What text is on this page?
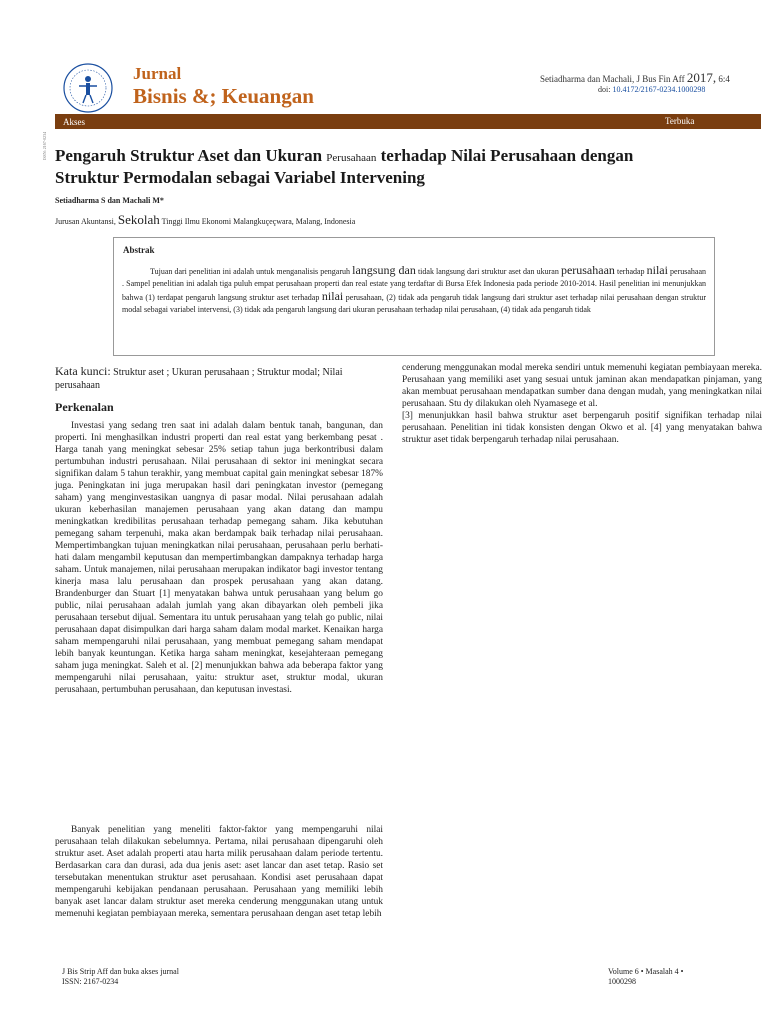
Jurnal
Bisnis &; Keuangan
Setiadharma dan Machali, J Bus Fin Aff 2017, 6:4
doi: 10.4172/2167-0234.1000298
Akses	Terbuka
ISSN: 2167-0234 Pengaruh Struktur Aset dan Ukuran Perusahaan terhadap Nilai Perusahaan dengan
Struktur Permodalan sebagai Variabel Intervening
Setiadharma S dan Machali M*
Jurusan Akuntansi, Sekolah Tinggi Ilmu Ekonomi Malangkuçeçwara, Malang, Indonesia
Abstrak
Tujuan dari penelitian ini adalah untuk menganalisis pengaruh langsung dan tidak langsung dari struktur aset dan ukuran perusahaan terhadap nilai perusahaan . Sampel penelitian ini adalah tiga puluh empat perusahaan properti dan real estate yang terdaftar di Bursa Efek Indonesia pada periode 2010-2014. Hasil penelitian ini menunjukkan bahwa (1) terdapat pengaruh langsung struktur aset terhadap nilai perusahaan, (2) tidak ada pengaruh tidak langsung dari struktur aset terhadap nilai perusahaan dengan struktur modal sebagai variabel intervensi, (3) tidak ada pengaruh langsung dari ukuran perusahaan terhadap nilai perusahaan, (4) tidak ada pengaruh tidak
Kata kunci: Struktur aset ; Ukuran perusahaan ; Struktur modal; Nilai perusahaan
Perkenalan

Investasi yang sedang tren saat ini adalah dalam bentuk tanah, bangunan, dan properti. Ini menghasilkan industri properti dan real estat yang berkembang pesat . Harga tanah yang meningkat sebesar 25% setiap tahun juga berkontribusi dalam pertumbuhan industri perusahaan. Nilai perusahaan di sektor ini meningkat secara signifikan dalam 5 tahun terakhir, yang membuat capital gain meningkat sebesar 187% juga. Peningkatan ini juga merupakan hasil dari peningkatan investor (pemegang saham) yang menginvestasikan uangnya di pasar modal. Nilai perusahaan adalah ukuran keberhasilan manajemen perusahaan yang akan datang dan mampu meningkatkan kredibilitas perusahaan terhadap pemegang saham. Jika kebutuhan pemegang saham terpenuhi, maka akan berdampak baik terhadap nilai perusahaan. Mempertimbangkan tujuan meningkatkan nilai perusahaan, perusahaan perlu berhati-hati dalam mengambil keputusan dan mempertimbangkan dampaknya terhadap harga saham. Untuk manajemen, nilai perusahaan merupakan indikator bagi investor tentang kinerja masa lalu perusahaan dan prospek perusahaan yang akan datang. Brandenburger dan Stuart [1] menyatakan bahwa untuk perusahaan yang belum go public, nilai perusahaan adalah jumlah yang akan dibayarkan oleh pembeli jika perusahaan tersebut dijual. Sementara itu untuk perusahaan yang telah go public, nilai perusahaan dapat disimpulkan dari harga saham dalam modal market. Kenaikan harga saham mempengaruhi nilai perusahaan, yang membuat pemegang saham mendapat lebih banyak keuntungan. Ketika harga saham meningkat, kesejahteraan pemegang saham juga meningkat. Saleh et al. [2] menunjukkan bahwa ada beberapa faktor yang mempengaruhi nilai perusahaan, yaitu: struktur aset, struktur modal, ukuran perusahaan, pertumbuhan perusahaan, dan keputusan investasi.

Banyak penelitian yang meneliti faktor-faktor yang mempengaruhi nilai perusahaan telah dilakukan sebelumnya. Pertama, nilai perusahaan dipengaruhi oleh struktur aset. Aset adalah properti atau harta milik perusahaan dalam periode tertentu. Berdasarkan cara dan durasi, ada dua jenis aset: aset lancar dan aset tetap. Rasio set tersebutakan menentukan struktur aset perusahaan. Kondisi aset perusahaan dapat mempengaruhi kebijakan pendanaan perusahaan. Perusahaan yang memiliki lebih banyak aset lancar dalam struktur aset mereka cenderung menggunakan utang untuk memenuhi kegiatan pembiayaan mereka, sementara perusahaan dengan aset tetap lebih

cenderung menggunakan modal mereka sendiri untuk memenuhi kegiatan pembiayaan mereka. Perusahaan yang memiliki aset yang sesuai untuk jaminan akan mendapatkan pinjaman, yang akan membuat perusahaan mendapatkan sumber dana dengan mudah, yang meningkatkan nilai perusahaan. Stu dy dilakukan oleh Nyamasege et al.

[3] menunjukkan hasil bahwa struktur aset berpengaruh positif signifikan terhadap nilai perusahaan. Penelitian ini tidak konsisten dengan Okwo et al. [4] yang menyatakan bahwa struktur aset tidak berpengaruh terhadap nilai perusahaan.

J Bis Strip Aff dan buka akses jurnal
ISSN: 2167-0234
Volume 6 • Masalah 4 •
1000298
